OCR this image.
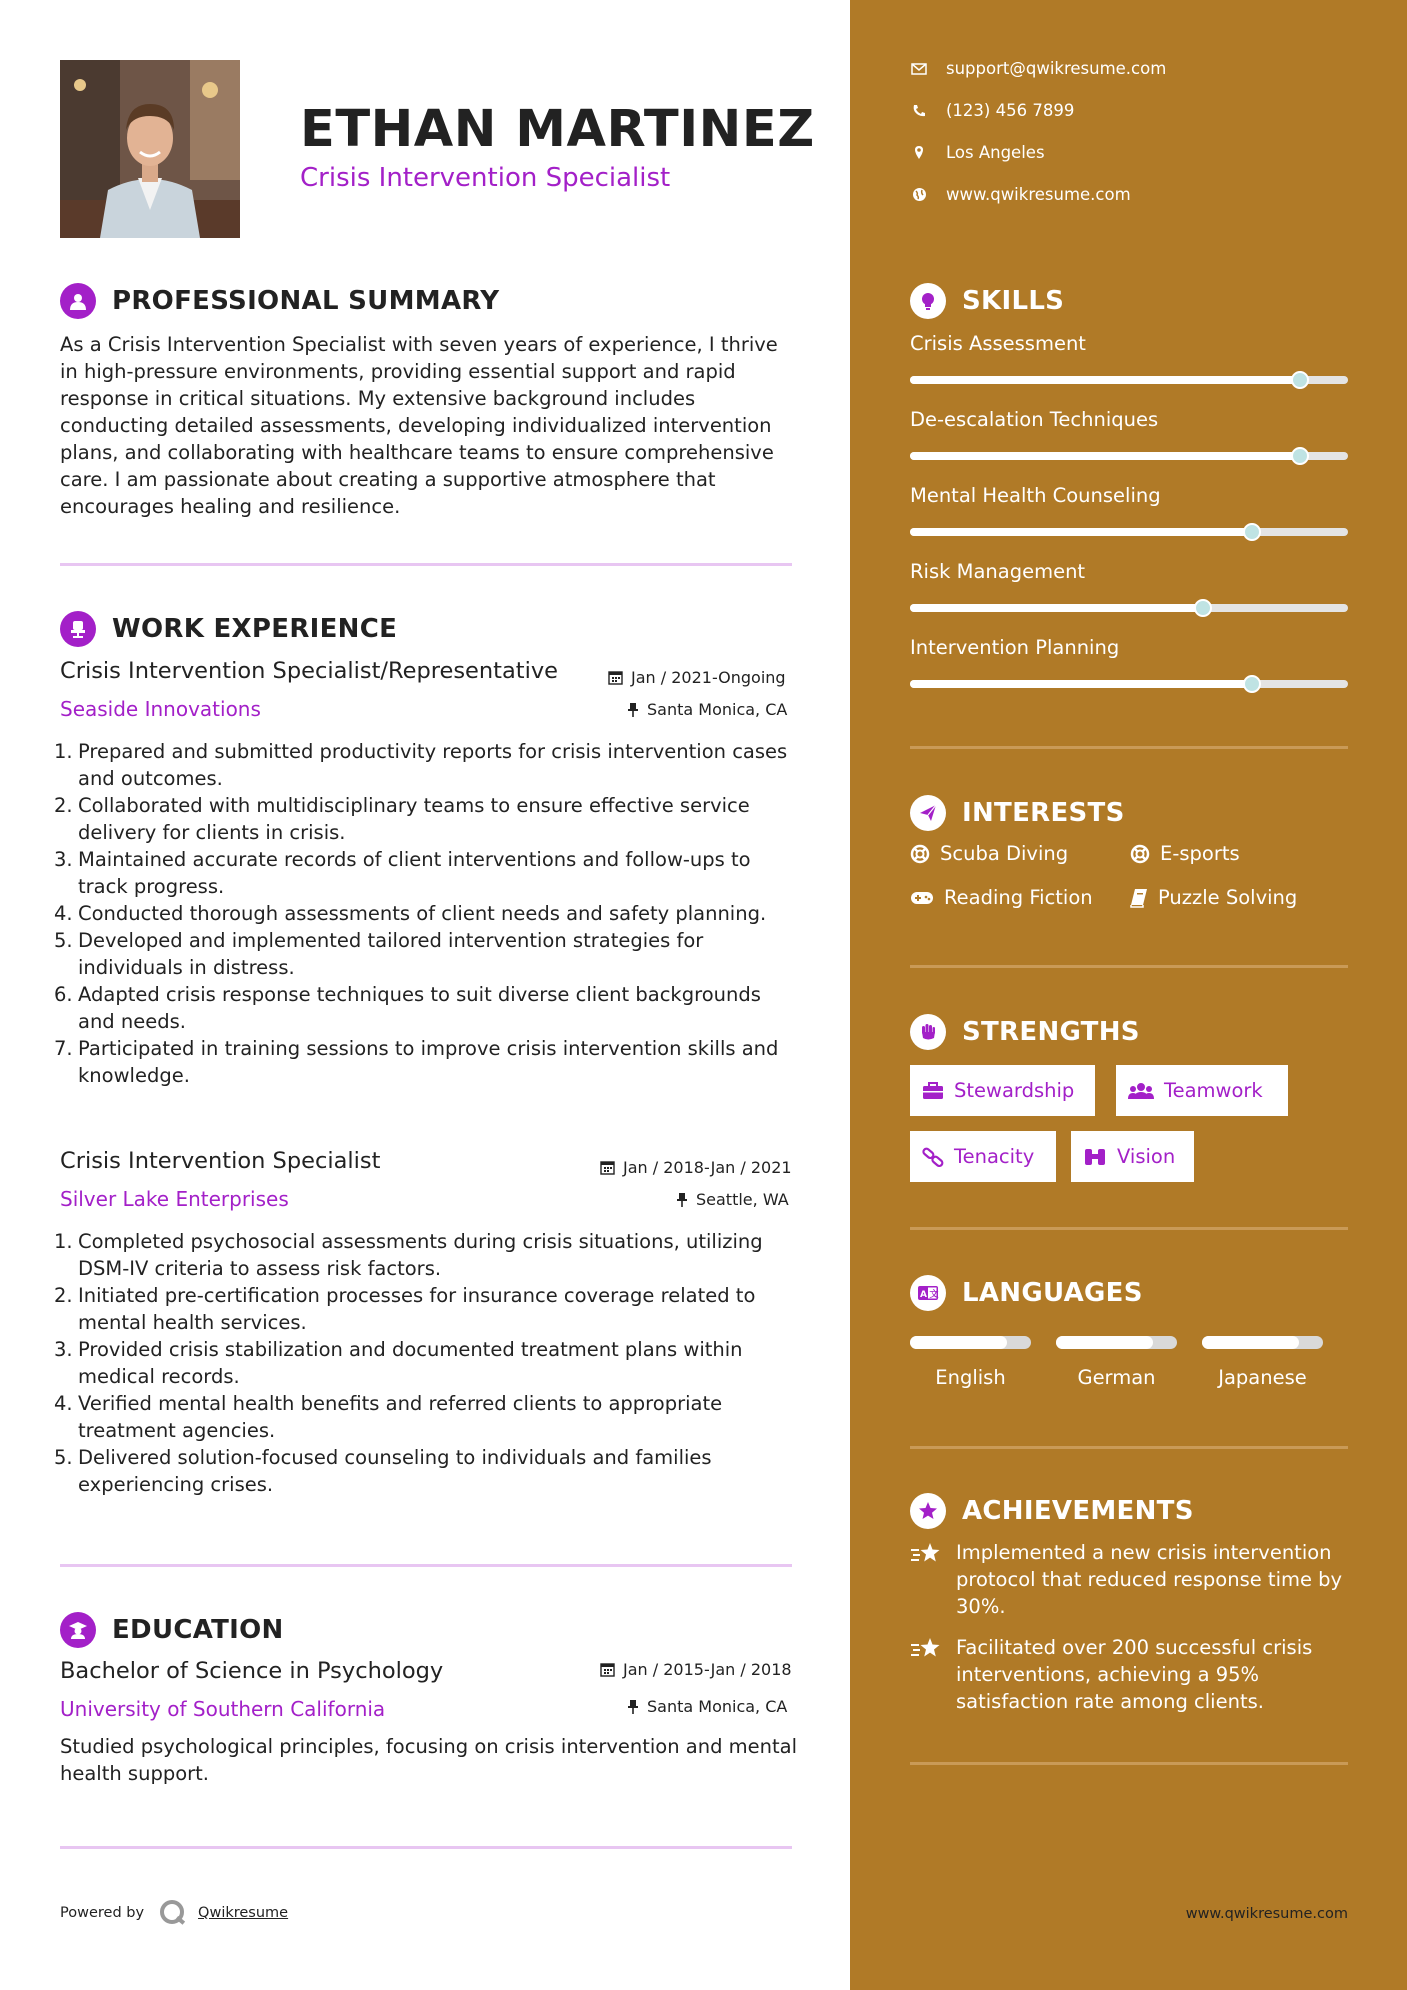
ETHAN MARTINEZ
Crisis Intervention Specialist
PROFESSIONAL SUMMARY
As a Crisis Intervention Specialist with seven years of experience, I thrive in high-pressure environments, providing essential support and rapid response in critical situations. My extensive background includes conducting detailed assessments, developing individualized intervention plans, and collaborating with healthcare teams to ensure comprehensive care. I am passionate about creating a supportive atmosphere that encourages healing and resilience.
WORK EXPERIENCE
Crisis Intervention Specialist/Representative	Jan / 2021-Ongoing
Seaside Innovations	Santa Monica, CA
1. Prepared and submitted productivity reports for crisis intervention cases and outcomes.
2. Collaborated with multidisciplinary teams to ensure effective service delivery for clients in crisis.
3. Maintained accurate records of client interventions and follow-ups to track progress.
4. Conducted thorough assessments of client needs and safety planning.
5. Developed and implemented tailored intervention strategies for individuals in distress.
6. Adapted crisis response techniques to suit diverse client backgrounds and needs.
7. Participated in training sessions to improve crisis intervention skills and knowledge.
Crisis Intervention Specialist	Jan / 2018-Jan / 2021
Silver Lake Enterprises	Seattle, WA
1. Completed psychosocial assessments during crisis situations, utilizing DSM-IV criteria to assess risk factors.
2. Initiated pre-certification processes for insurance coverage related to mental health services.
3. Provided crisis stabilization and documented treatment plans within medical records.
4. Verified mental health benefits and referred clients to appropriate treatment agencies.
5. Delivered solution-focused counseling to individuals and families experiencing crises.
EDUCATION
Bachelor of Science in Psychology	Jan / 2015-Jan / 2018
University of Southern California	Santa Monica, CA
Studied psychological principles, focusing on crisis intervention and mental health support.
Powered by	Qwikresume
support@qwikresume.com
(123) 456 7899
Los Angeles
www.qwikresume.com
SKILLS
Crisis Assessment
De-escalation Techniques
Mental Health Counseling
Risk Management
Intervention Planning
INTERESTS
Scuba Diving	E-sports
Reading Fiction	Puzzle Solving
STRENGTHS
Stewardship	Teamwork
Tenacity	Vision
A 文 LANGUAGES
English	German	Japanese
ACHIEVEMENTS
Implemented a new crisis intervention protocol that reduced response time by 30%.
Facilitated over 200 successful crisis interventions, achieving a 95% satisfaction rate among clients.
www.qwikresume.com
